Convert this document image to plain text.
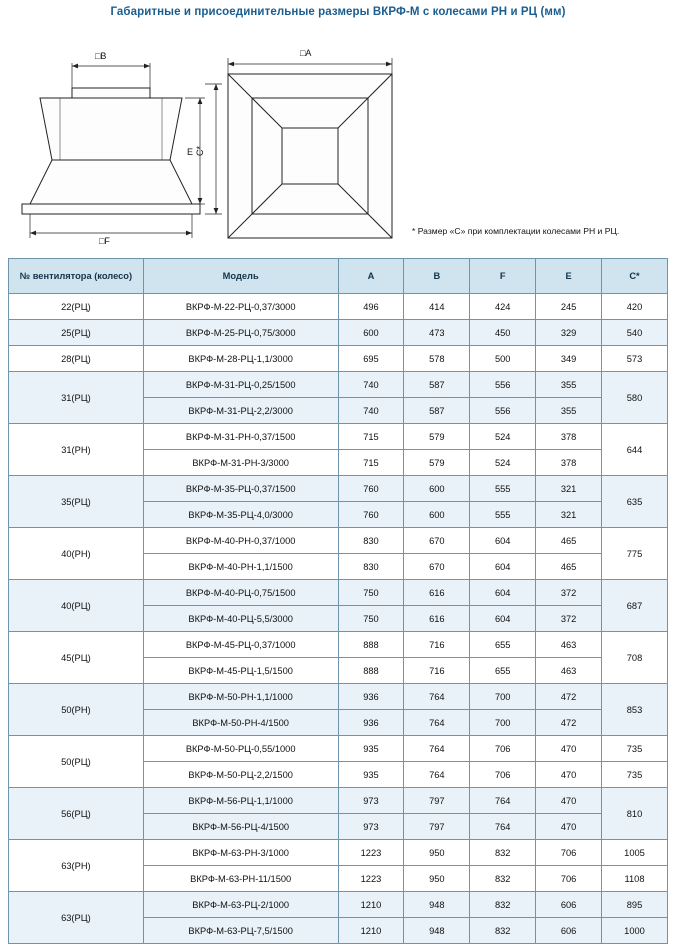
Габаритные и присоединительные размеры ВКРФ-М с колесами РН и РЦ (мм)
□B
□F
E C*
□A
* Размер «С» при комплектации колесами РН и РЦ.
№ вентилятора (колесо)	Модель	A	B	F	E	C*
22(РЦ)	ВКРФ-М-22-РЦ-0,37/3000	496	414	424	245	420
25(РЦ)	ВКРФ-М-25-РЦ-0,75/3000	600	473	450	329	540
28(РЦ)	ВКРФ-М-28-РЦ-1,1/3000	695	578	500	349	573
31(РЦ)	ВКРФ-М-31-РЦ-0,25/1500	740	587	556	355	580
	ВКРФ-М-31-РЦ-2,2/3000	740	587	556	355	
31(РН)	ВКРФ-М-31-РН-0,37/1500	715	579	524	378	644
	ВКРФ-М-31-РН-3/3000	715	579	524	378	
35(РЦ)	ВКРФ-М-35-РЦ-0,37/1500	760	600	555	321	635
	ВКРФ-М-35-РЦ-4,0/3000	760	600	555	321	
40(РН)	ВКРФ-М-40-РН-0,37/1000	830	670	604	465	775
	ВКРФ-М-40-РН-1,1/1500	830	670	604	465	
40(РЦ)	ВКРФ-М-40-РЦ-0,75/1500	750	616	604	372	687
	ВКРФ-М-40-РЦ-5,5/3000	750	616	604	372	
45(РЦ)	ВКРФ-М-45-РЦ-0,37/1000	888	716	655	463	708
	ВКРФ-М-45-РЦ-1,5/1500	888	716	655	463	
50(РН)	ВКРФ-М-50-РН-1,1/1000	936	764	700	472	853
	ВКРФ-М-50-РН-4/1500	936	764	700	472	
50(РЦ)	ВКРФ-М-50-РЦ-0,55/1000	935	764	706	470	735
	ВКРФ-М-50-РЦ-2,2/1500	935	764	706	470	735
56(РЦ)	ВКРФ-М-56-РЦ-1,1/1000	973	797	764	470	810
	ВКРФ-М-56-РЦ-4/1500	973	797	764	470	
63(РН)	ВКРФ-М-63-РН-3/1000	1223	950	832	706	1005
	ВКРФ-М-63-РН-11/1500	1223	950	832	706	1108
63(РЦ)	ВКРФ-М-63-РЦ-2/1000	1210	948	832	606	895
	ВКРФ-М-63-РЦ-7,5/1500	1210	948	832	606	1000
